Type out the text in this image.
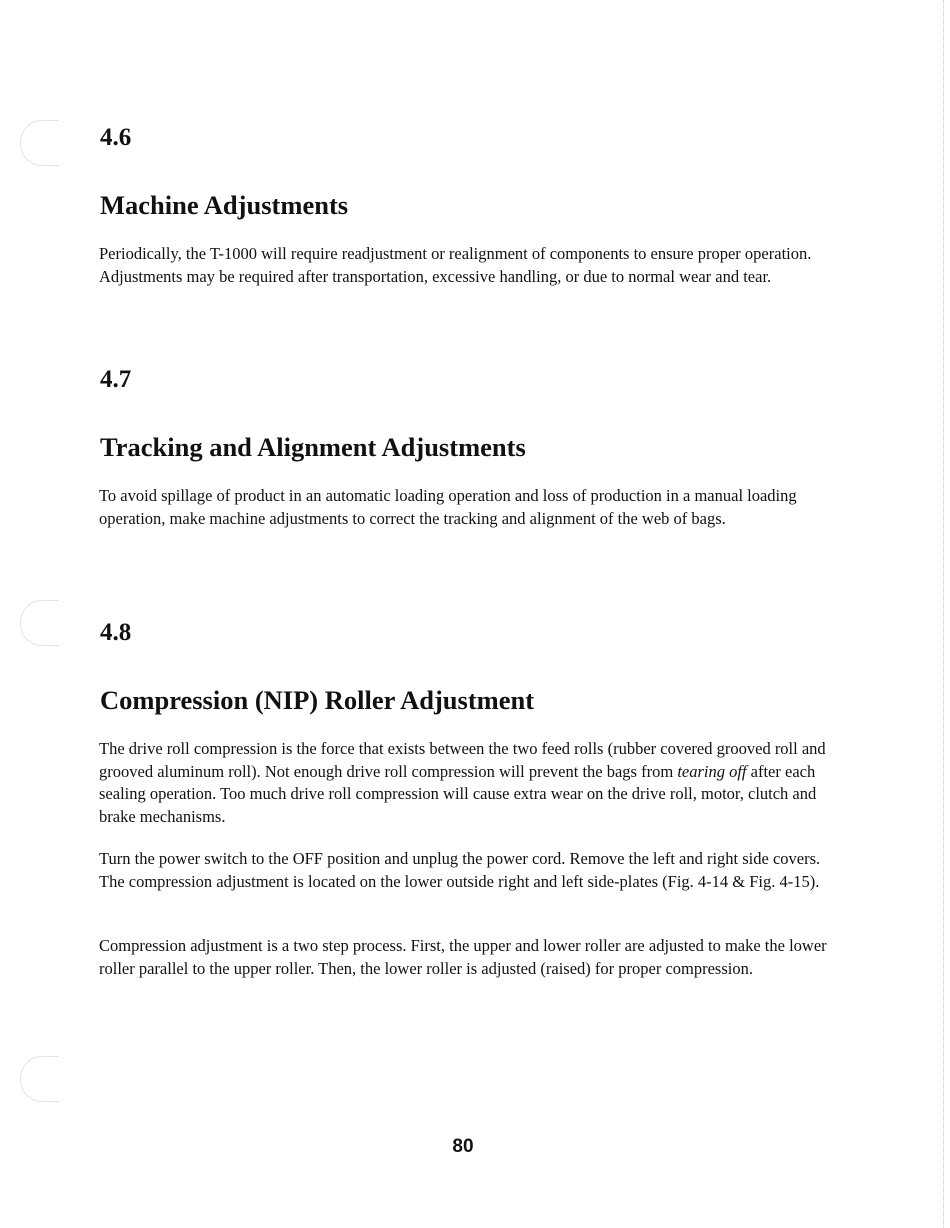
4.6
Machine Adjustments

Periodically, the T-1000 will require readjustment or realignment of components to ensure proper operation. Adjustments may be required after transportation, excessive handling, or due to normal wear and tear.

4.7
Tracking and Alignment Adjustments

To avoid spillage of product in an automatic loading operation and loss of production in a manual loading operation, make machine adjustments to correct the tracking and alignment of the web of bags.

4.8
Compression (NIP) Roller Adjustment

The drive roll compression is the force that exists between the two feed rolls (rubber covered grooved roll and grooved aluminum roll). Not enough drive roll compression will prevent the bags from tearing off after each sealing operation. Too much drive roll compression will cause extra wear on the drive roll, motor, clutch and brake mechanisms.

Turn the power switch to the OFF position and unplug the power cord. Remove the left and right side covers. The compression adjustment is located on the lower outside right and left side-plates (Fig. 4-14 & Fig. 4-15).

Compression adjustment is a two step process. First, the upper and lower roller are adjusted to make the lower roller parallel to the upper roller. Then, the lower roller is adjusted (raised) for proper compression.

80
